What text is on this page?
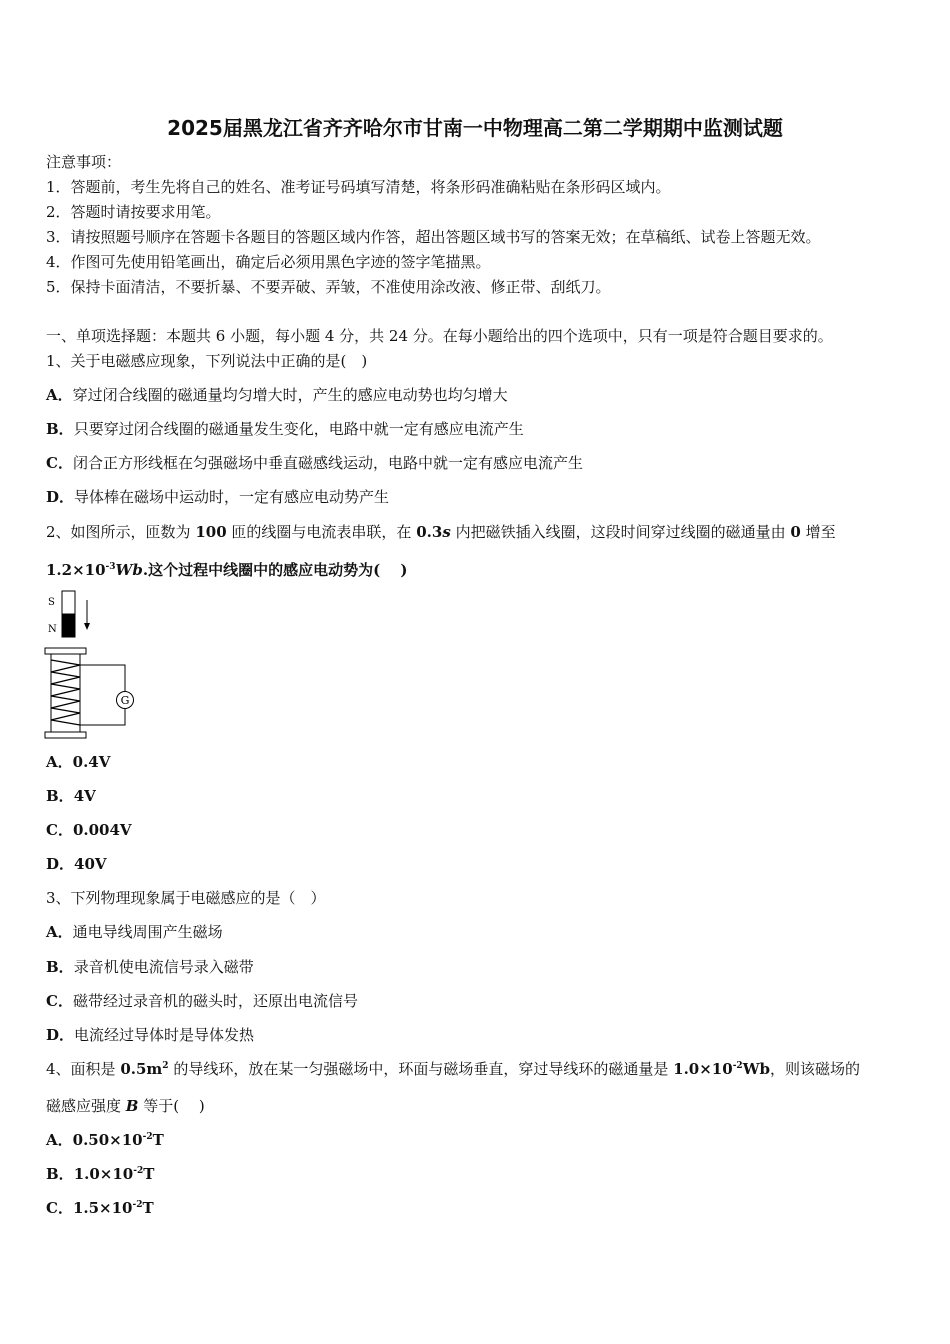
2025届黑龙江省齐齐哈尔市甘南一中物理高二第二学期期中监测试题
注意事项：
1．答题前，考生先将自己的姓名、准考证号码填写清楚，将条形码准确粘贴在条形码区域内。
2．答题时请按要求用笔。
3．请按照题号顺序在答题卡各题目的答题区域内作答，超出答题区域书写的答案无效；在草稿纸、试卷上答题无效。
4．作图可先使用铅笔画出，确定后必须用黑色字迹的签字笔描黑。
5．保持卡面清洁，不要折暴、不要弄破、弄皱，不准使用涂改液、修正带、刮纸刀。
一、单项选择题：本题共 6 小题，每小题 4 分，共 24 分。在每小题给出的四个选项中，只有一项是符合题目要求的。
1、关于电磁感应现象，下列说法中正确的是(　)
A．穿过闭合线圈的磁通量均匀增大时，产生的感应电动势也均匀增大
B．只要穿过闭合线圈的磁通量发生变化，电路中就一定有感应电流产生
C．闭合正方形线框在匀强磁场中垂直磁感线运动，电路中就一定有感应电流产生
D．导体棒在磁场中运动时，一定有感应电动势产生
2、如图所示，匝数为 100 匝的线圈与电流表串联，在 0.3s 内把磁铁插入线圈，这段时间穿过线圈的磁通量由 0 增至
$1.2\times 10^{-3}Wb$.这个过程中线圈中的感应电动势为(　 )
S
N
G
A．0.4V
B．4V
C．0.004V
D．40V
3、下列物理现象属于电磁感应的是（　）
A．通电导线周围产生磁场
B．录音机使电流信号录入磁带
C．磁带经过录音机的磁头时，还原出电流信号
D．电流经过导体时是导体发热
4、面积是 $0.5m^2$ 的导线环，放在某一匀强磁场中，环面与磁场垂直，穿过导线环的磁通量是 $1.0\times 10^{-2}Wb$，则该磁场的
磁感应强度 B 等于(　 )
A．$0.50\times 10^{-2}T$
B．$1.0\times 10^{-2}T$
C．$1.5\times 10^{-2}T$
